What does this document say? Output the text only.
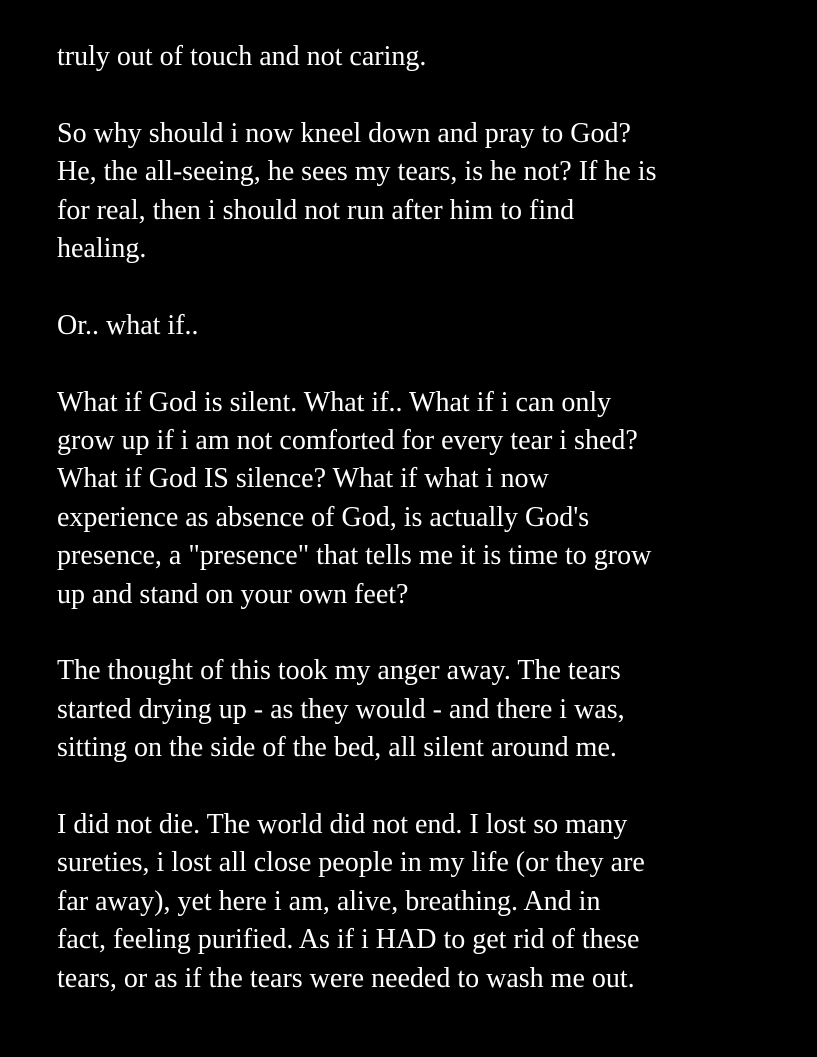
truly out of touch and not caring.

So why should i now kneel down and pray to God?
He, the all-seeing, he sees my tears, is he not? If he is
for real, then i should not run after him to find
healing.

Or.. what if..

What if God is silent. What if.. What if i can only
grow up if i am not comforted for every tear i shed?
What if God IS silence? What if what i now
experience as absence of God, is actually God's
presence, a "presence" that tells me it is time to grow
up and stand on your own feet?

The thought of this took my anger away. The tears
started drying up - as they would - and there i was,
sitting on the side of the bed, all silent around me.

I did not die. The world did not end. I lost so many
sureties, i lost all close people in my life (or they are
far away), yet here i am, alive, breathing. And in
fact, feeling purified. As if i HAD to get rid of these
tears, or as if the tears were needed to wash me out.
